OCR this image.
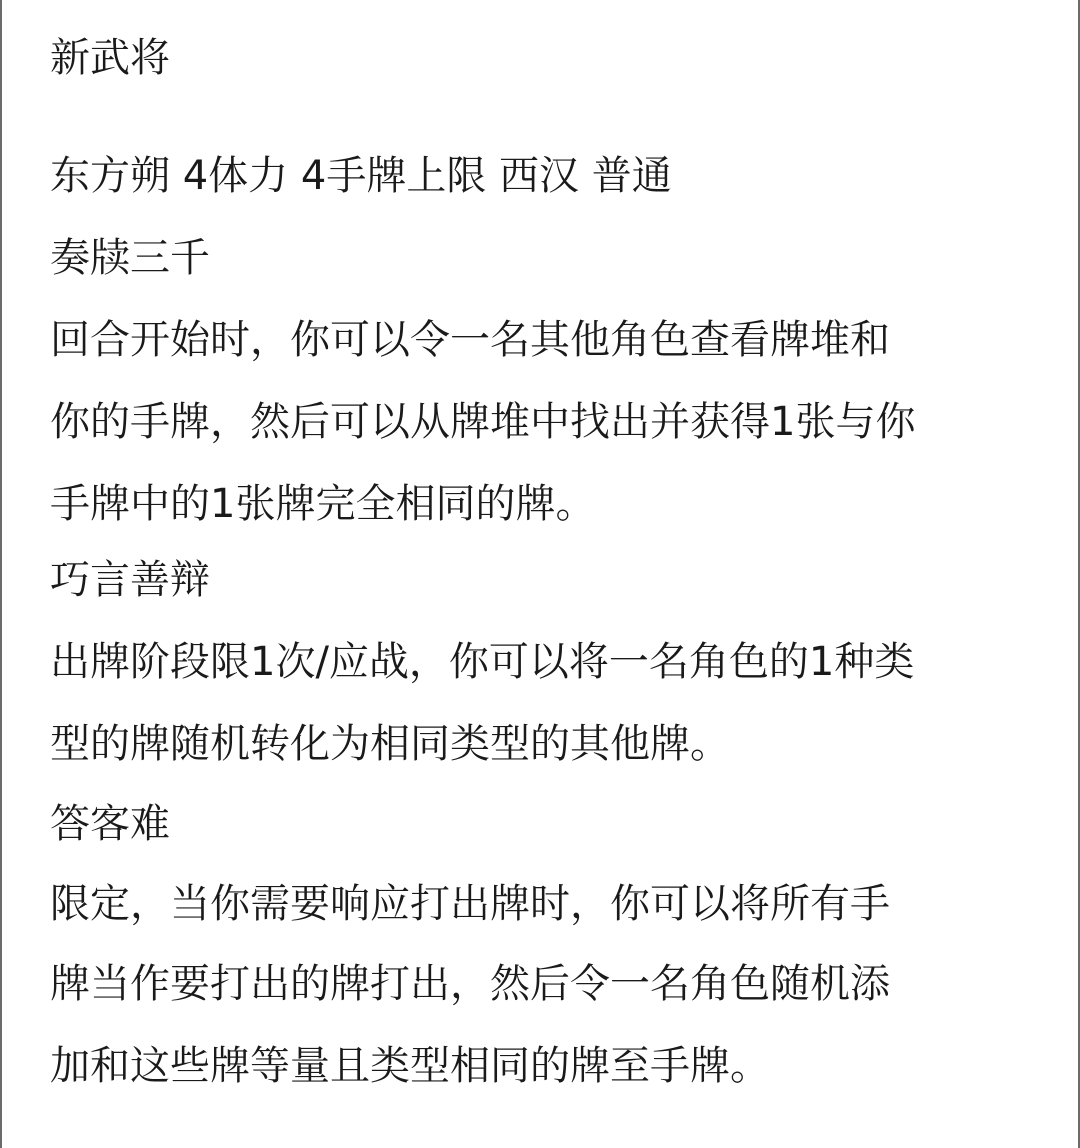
新武将
东方朔 4体力 4手牌上限 西汉 普通
奏牍三千
回合开始时，你可以令一名其他角色查看牌堆和
你的手牌，然后可以从牌堆中找出并获得1张与你
手牌中的1张牌完全相同的牌。
巧言善辩
出牌阶段限1次/应战，你可以将一名角色的1种类
型的牌随机转化为相同类型的其他牌。
答客难
限定，当你需要响应打出牌时，你可以将所有手
牌当作要打出的牌打出，然后令一名角色随机添
加和这些牌等量且类型相同的牌至手牌。
